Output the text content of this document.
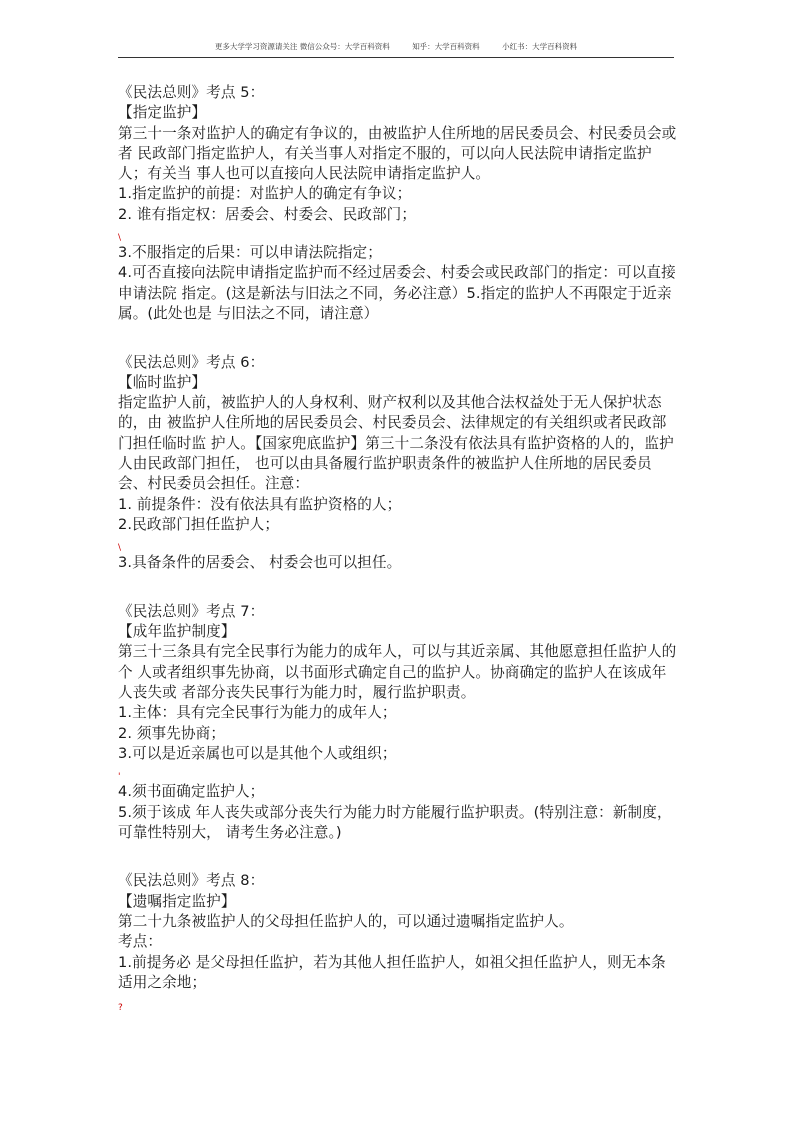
更多大学学习资源请关注 微信公众号：大学百科资料	知乎：大学百科资料	小红书：大学百科资料

《民法总则》考点 5：

【指定监护】

第三十一条对监护人的确定有争议的，由被监护人住所地的居民委员会、村民委员会或者 民政部门指定监护人，有关当事人对指定不服的，可以向人民法院申请指定监护人；有关当 事人也可以直接向人民法院申请指定监护人。

1.指定监护的前提：对监护人的确定有争议；

2. 谁有指定权：居委会、村委会、民政部门；

\

3.不服指定的后果：可以申请法院指定；

4.可否直接向法院申请指定监护而不经过居委会、村委会或民政部门的指定：可以直接申请法院 指定。(这是新法与旧法之不同，务必注意）5.指定的监护人不再限定于近亲属。(此处也是 与旧法之不同，请注意）

《民法总则》考点 6：

【临时监护】

指定监护人前，被监护人的人身权利、财产权利以及其他合法权益处于无人保护状态的，由 被监护人住所地的居民委员会、村民委员会、法律规定的有关组织或者民政部门担任临时监 护人。【国家兜底监护】第三十二条没有依法具有监护资格的人的，监护人由民政部门担任， 也可以由具备履行监护职责条件的被监护人住所地的居民委员会、村民委员会担任。注意：

1. 前提条件：没有依法具有监护资格的人；

2.民政部门担任监护人；

\

3.具备条件的居委会、 村委会也可以担任。

《民法总则》考点 7：

【成年监护制度】

第三十三条具有完全民事行为能力的成年人，可以与其近亲属、其他愿意担任监护人的个 人或者组织事先协商，以书面形式确定自己的监护人。协商确定的监护人在该成年人丧失或 者部分丧失民事行为能力时，履行监护职责。

1.主体：具有完全民事行为能力的成年人；

2. 须事先协商；

3.可以是近亲属也可以是其他个人或组织；

'

4.须书面确定监护人；

5.须于该成 年人丧失或部分丧失行为能力时方能履行监护职责。(特别注意：新制度，可靠性特别大， 请考生务必注意。)

《民法总则》考点 8：

【遗嘱指定监护】

第二十九条被监护人的父母担任监护人的，可以通过遗嘱指定监护人。

考点：

1.前提务必 是父母担任监护，若为其他人担任监护人，如祖父担任监护人，则无本条适用之余地；

?
